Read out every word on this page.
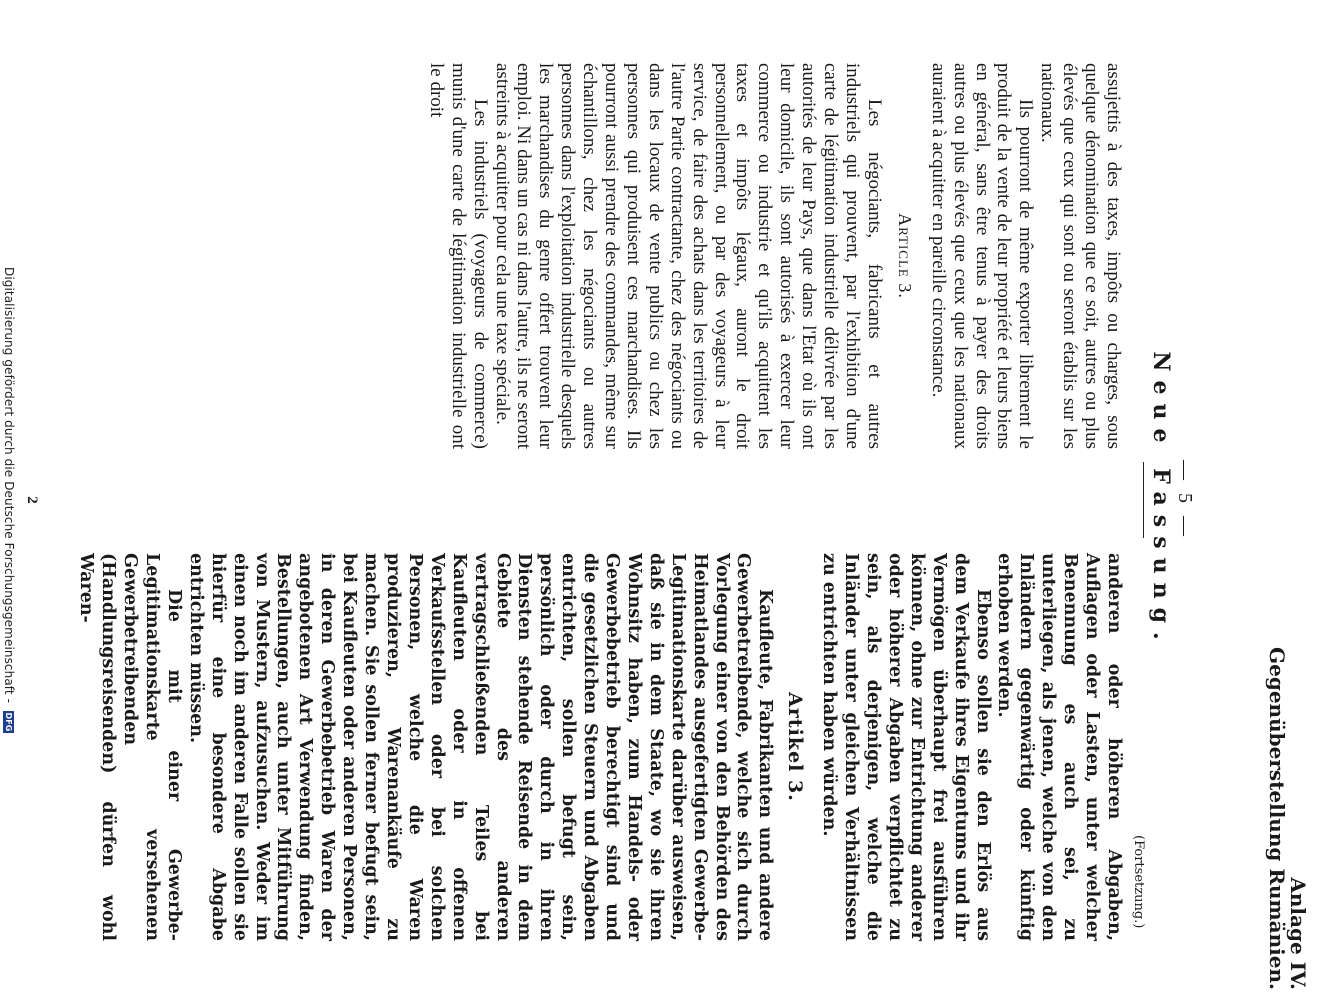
Anlage IV.
Gegenüberstellung Rumänien.
— 5 —
Neue Fassung.
(Fortsetzung.)

assujettis à des taxes, impôts ou charges, sous quelque dénomination que ce soit, autres ou plus élevés que ceux qui sont ou seront établis sur les nationaux.

Ils pourront de même exporter librement le produit de la vente de leur propriété et leurs biens en général, sans être tenus à payer des droits autres ou plus élevés que ceux que les nationaux auraient à acquitter en pareille circonstance.

Article 3.

Les négociants, fabricants et autres industriels qui prouvent, par l'exhibition d'une carte de légitimation industrielle délivrée par les autorités de leur Pays, que dans l'Etat où ils ont leur domicile, ils sont autorisés à exercer leur commerce ou industrie et qu'ils acquittent les taxes et impôts légaux, auront le droit personnellement, ou par des voyageurs à leur service, de faire des achats dans les territoires de l'autre Partie contractante, chez des négociants ou dans les locaux de vente publics ou chez les personnes qui produisent ces marchandises. Ils pourront aussi prendre des commandes, même sur échantillons, chez les négociants ou autres personnes dans l'exploitation industrielle desquels les marchandises du genre offert trouvent leur emploi. Ni dans un cas ni dans l'autre, ils ne seront astreints à acquitter pour cela une taxe spéciale.

Les industriels (voyageurs de commerce) munis d'une carte de légitimation industrielle ont le droit

anderen oder höheren Abgaben, Auflagen oder Lasten, unter welcher Benennung es auch sei, zu unterliegen, als jenen, welche von den Inländern gegenwärtig oder künftig erhoben werden.

Ebenso sollen sie den Erlös aus dem Verkaufe ihres Eigentums und ihr Vermögen überhaupt frei ausführen können, ohne zur Entrichtung anderer oder höherer Abgaben verpflichtet zu sein, als derjenigen, welche die Inländer unter gleichen Verhältnissen zu entrichten haben würden.

Artikel 3.

Kaufleute, Fabrikanten und andere Gewerbetreibende, welche sich durch Vorlegung einer von den Behörden des Heimatlandes ausgefertigten Gewerbe-Legitimationskarte darüber ausweisen, daß sie in dem Staate, wo sie ihren Wohnsitz haben, zum Handels- oder Gewerbebetrieb berechtigt sind und die gesetzlichen Steuern und Abgaben entrichten, sollen befugt sein, persönlich oder durch in ihren Diensten stehende Reisende in dem Gebiete des anderen vertragschließenden Teiles bei Kaufleuten oder in offenen Verkaufsstellen oder bei solchen Personen, welche die Waren produzieren, Warenankäufe zu machen. Sie sollen ferner befugt sein, bei Kaufleuten oder anderen Personen, in deren Gewerbebetrieb Waren der angebotenen Art Verwendung finden, Bestellungen, auch unter Mitführung von Mustern, aufzusuchen. Weder im einen noch im anderen Falle sollen sie hierfür eine besondere Abgabe entrichten müssen.

Die mit einer Gewerbe-Legitimationskarte versehenen Gewerbetreibenden (Handlungsreisenden) dürfen wohl Waren-

2
Digitalisierung gefördert durch die Deutsche Forschungsgemeinschaft - DFG
